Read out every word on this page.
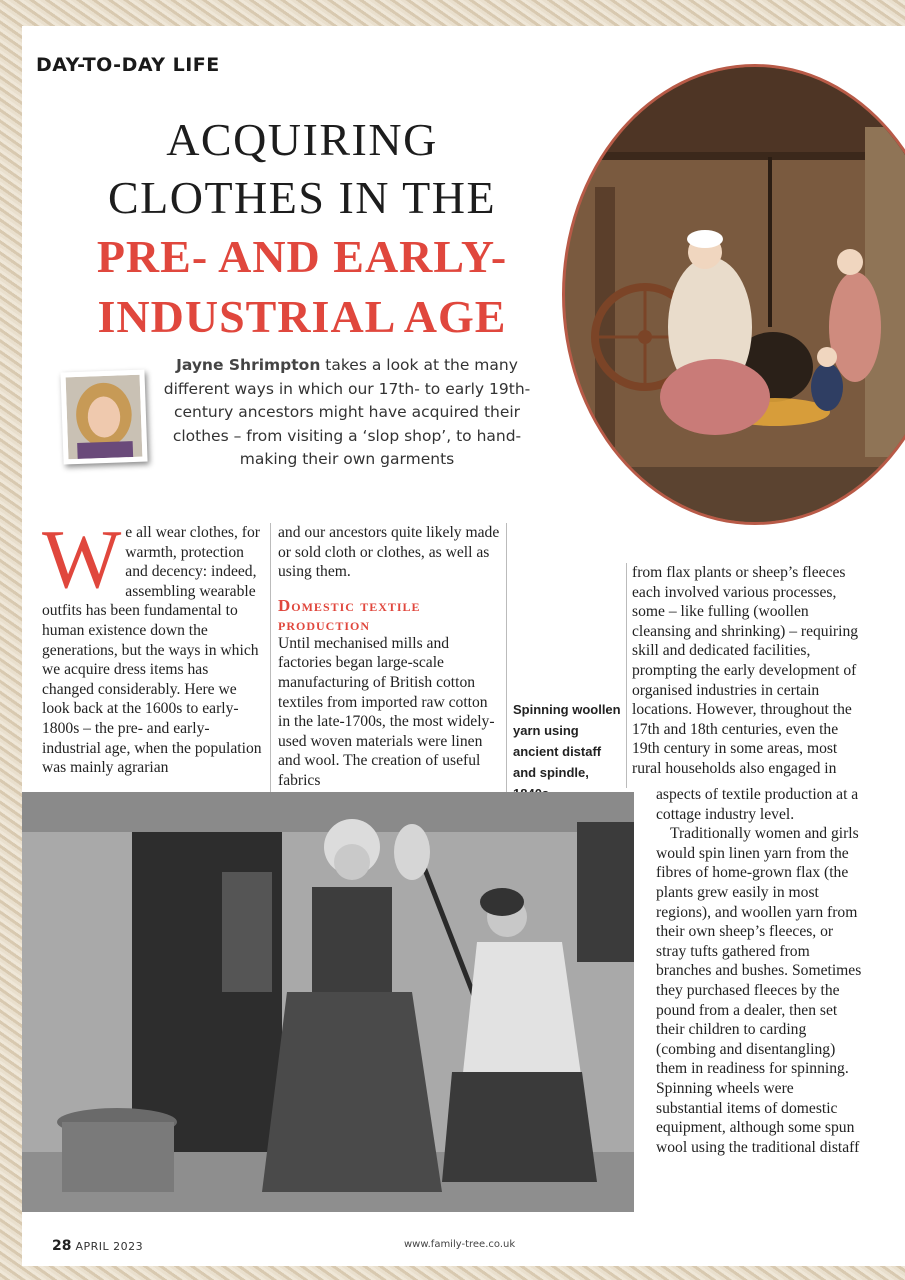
DAY-TO-DAY LIFE
ACQUIRING
CLOTHES IN THE
PRE- AND EARLY-
INDUSTRIAL AGE

Jayne Shrimpton takes a look at the many different ways in which our 17th- to early 19th-century ancestors might have acquired their clothes – from visiting a ‘slop shop’, to hand-making their own garments

We all wear clothes, for warmth, protection and decency: indeed, assembling wearable outfits has been fundamental to human existence down the generations, but the ways in which we acquire dress items has changed considerably. Here we look back at the 1600s to early-1800s – the pre- and early-industrial age, when the population was mainly agrarian
and our ancestors quite likely made or sold cloth or clothes, as well as using them.
Domestic textile production
Until mechanised mills and factories began large-scale manufacturing of British cotton textiles from imported raw cotton in the late-1700s, the most widely-used woven materials were linen and wool. The creation of useful fabrics

Spinning woollen yarn using ancient distaff and spindle,

from flax plants or sheep’s fleeces each involved various processes, some – like fulling (woollen cleansing and shrinking) – requiring skill and dedicated facilities, prompting the early development of organised industries in certain locations. However, throughout the 17th and 18th centuries, even the 19th century in some areas, most rural households also engaged in

aspects of textile production at a cottage industry level.

Traditionally women and girls would spin linen yarn from the fibres of home-grown flax (the plants grew easily in most regions), and woollen yarn from their own sheep’s fleeces, or stray tufts gathered from branches and bushes. Sometimes they purchased fleeces by the pound from a dealer, then set their children to carding (combing and disentangling) them in readiness for spinning. Spinning wheels were substantial items of domestic equipment, although some spun wool using the traditional distaff

28 APRIL 2023	www.family-tree.co.uk
